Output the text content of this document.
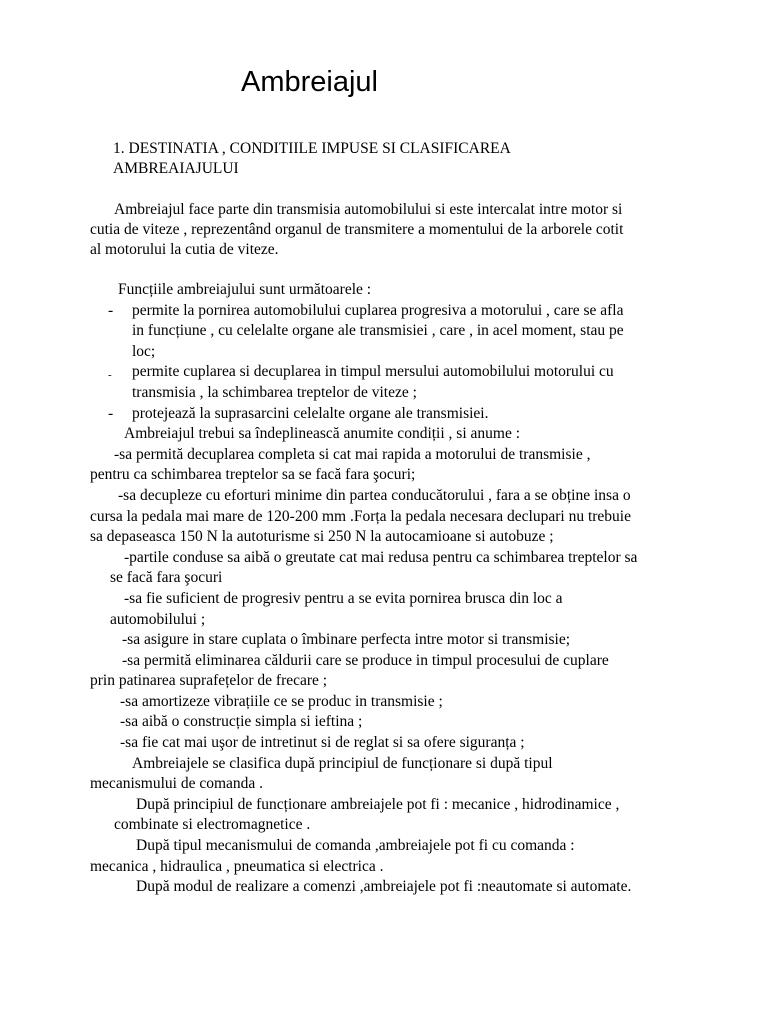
Ambreiajul
1. DESTINATIA , CONDITIILE IMPUSE SI CLASIFICAREA
AMBREAIAJULUI
Ambreiajul face parte din transmisia automobilului si este intercalat intre motor si
cutia de viteze , reprezentând organul de transmitere a momentului de la arborele cotit
al motorului la cutia de viteze.
Funcțiile ambreiajului sunt următoarele :
- permite la pornirea automobilului cuplarea progresiva a motorului , care se afla
in funcțiune , cu celelalte organe ale transmisiei , care , in acel moment, stau pe
loc;
- permite cuplarea si decuplarea in timpul mersului automobilului motorului cu
transmisia , la schimbarea treptelor de viteze ;
- protejează la suprasarcini celelalte organe ale transmisiei.
Ambreiajul trebui sa îndeplinească anumite condiții , si anume :
-sa permită decuplarea completa si cat mai rapida a motorului de transmisie ,
pentru ca schimbarea treptelor sa se facă fara şocuri;
-sa decupleze cu eforturi minime din partea conducătorului , fara a se obține insa o
cursa la pedala mai mare de 120-200 mm .Forța la pedala necesara declupari nu trebuie
sa depaseasca 150 N la autoturisme si 250 N la autocamioane si autobuze ;
-partile conduse sa aibă o greutate cat mai redusa pentru ca schimbarea treptelor sa
se facă fara şocuri
-sa fie suficient de progresiv pentru a se evita pornirea brusca din loc a
automobilului ;
-sa asigure in stare cuplata o îmbinare perfecta intre motor si transmisie;
-sa permită eliminarea căldurii care se produce in timpul procesului de cuplare
prin patinarea suprafețelor de frecare ;
-sa amortizeze vibrațiile ce se produc in transmisie ;
-sa aibă o construcție simpla si ieftina ;
-sa fie cat mai uşor de intretinut si de reglat si sa ofere siguranța ;
Ambreiajele se clasifica după principiul de funcționare si după tipul
mecanismului de comanda .
După principiul de funcționare ambreiajele pot fi : mecanice , hidrodinamice ,
combinate si electromagnetice .
După tipul mecanismului de comanda ,ambreiajele pot fi cu comanda :
mecanica , hidraulica , pneumatica si electrica .
După modul de realizare a comenzi ,ambreiajele pot fi :neautomate si automate.
